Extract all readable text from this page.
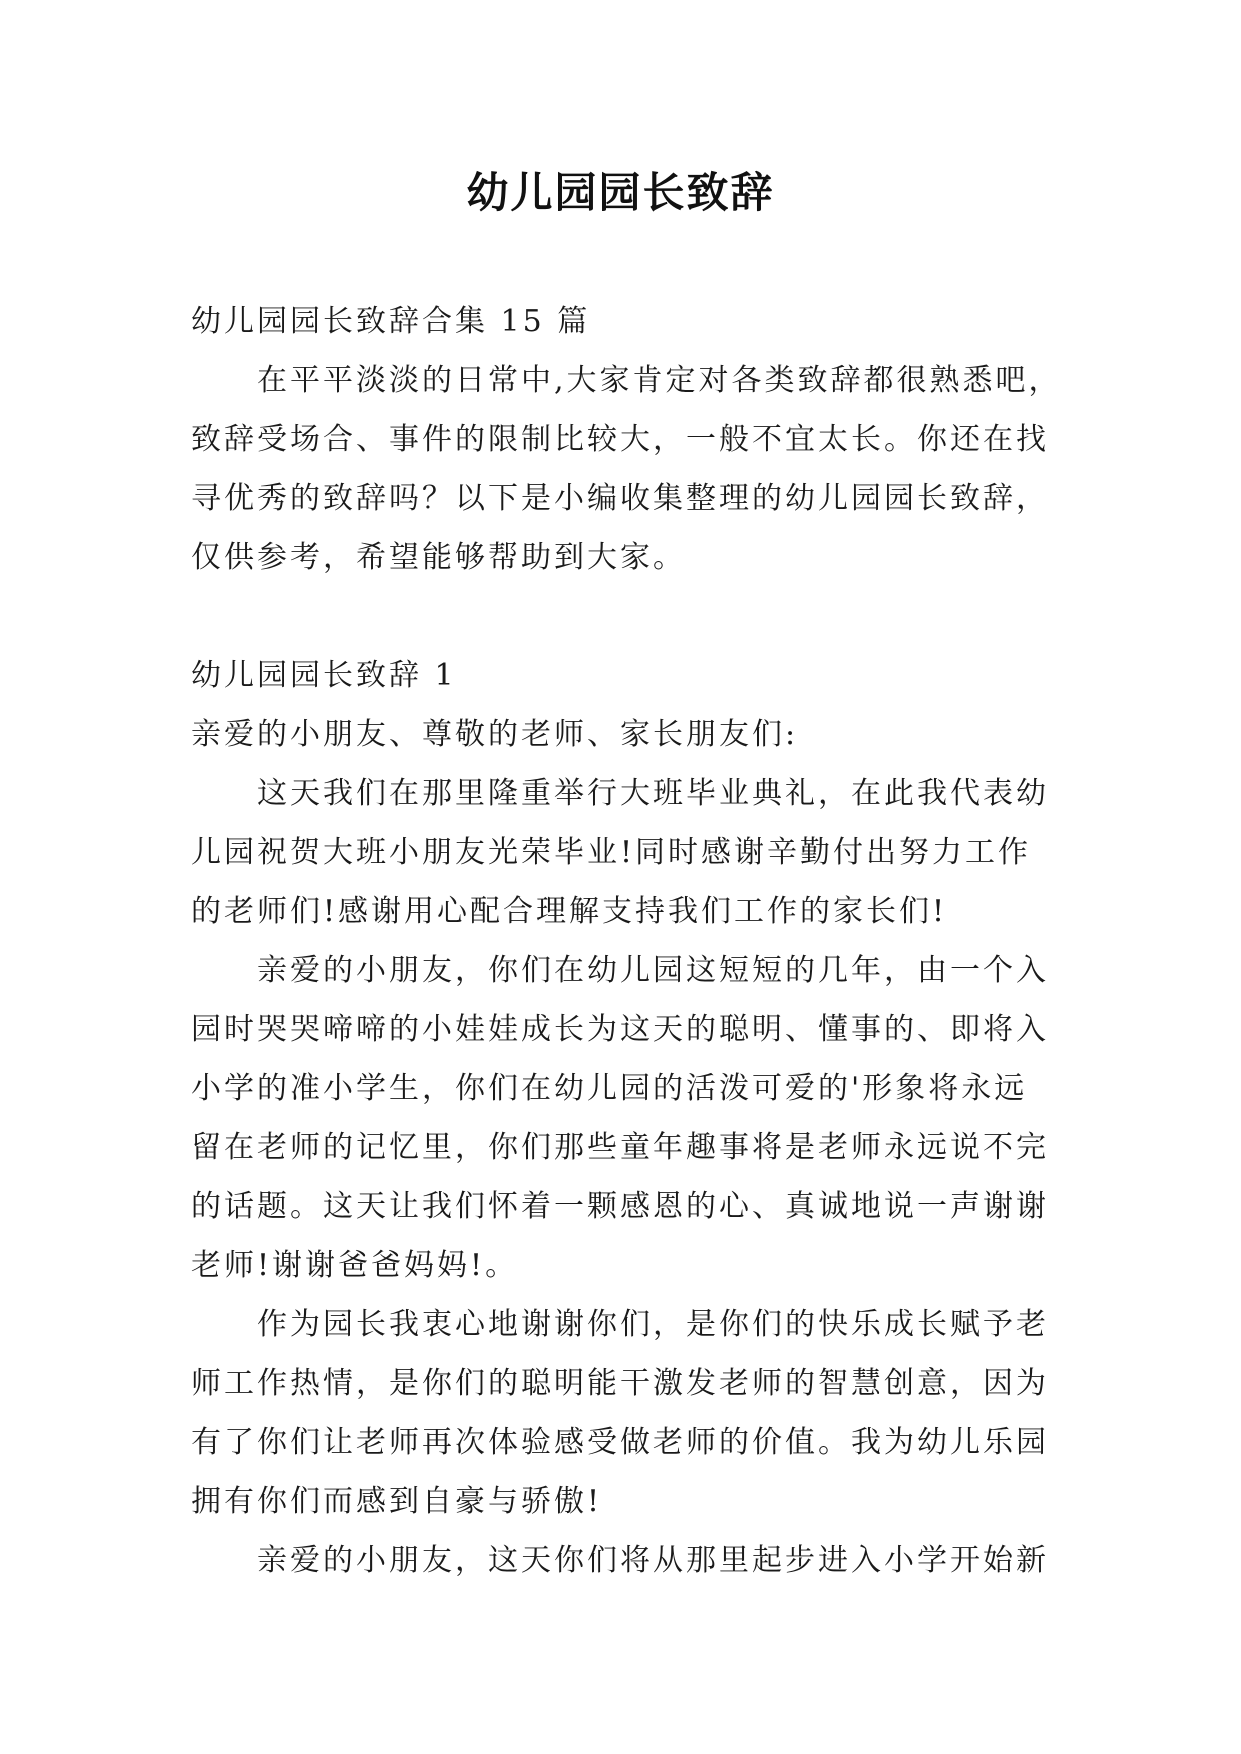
幼儿园园长致辞

幼儿园园长致辞合集 15 篇

在平平淡淡的日常中,大家肯定对各类致辞都很熟悉吧，

致辞受场合、事件的限制比较大，一般不宜太长。你还在找

寻优秀的致辞吗？以下是小编收集整理的幼儿园园长致辞，

仅供参考，希望能够帮助到大家。

幼儿园园长致辞 1

亲爱的小朋友、尊敬的老师、家长朋友们:

这天我们在那里隆重举行大班毕业典礼，在此我代表幼

儿园祝贺大班小朋友光荣毕业!同时感谢辛勤付出努力工作

的老师们!感谢用心配合理解支持我们工作的家长们!

亲爱的小朋友，你们在幼儿园这短短的几年，由一个入

园时哭哭啼啼的小娃娃成长为这天的聪明、懂事的、即将入

小学的准小学生，你们在幼儿园的活泼可爱的'形象将永远

留在老师的记忆里，你们那些童年趣事将是老师永远说不完

的话题。这天让我们怀着一颗感恩的心、真诚地说一声谢谢

老师!谢谢爸爸妈妈!。

作为园长我衷心地谢谢你们，是你们的快乐成长赋予老

师工作热情，是你们的聪明能干激发老师的智慧创意，因为

有了你们让老师再次体验感受做老师的价值。我为幼儿乐园

拥有你们而感到自豪与骄傲!

亲爱的小朋友，这天你们将从那里起步进入小学开始新
